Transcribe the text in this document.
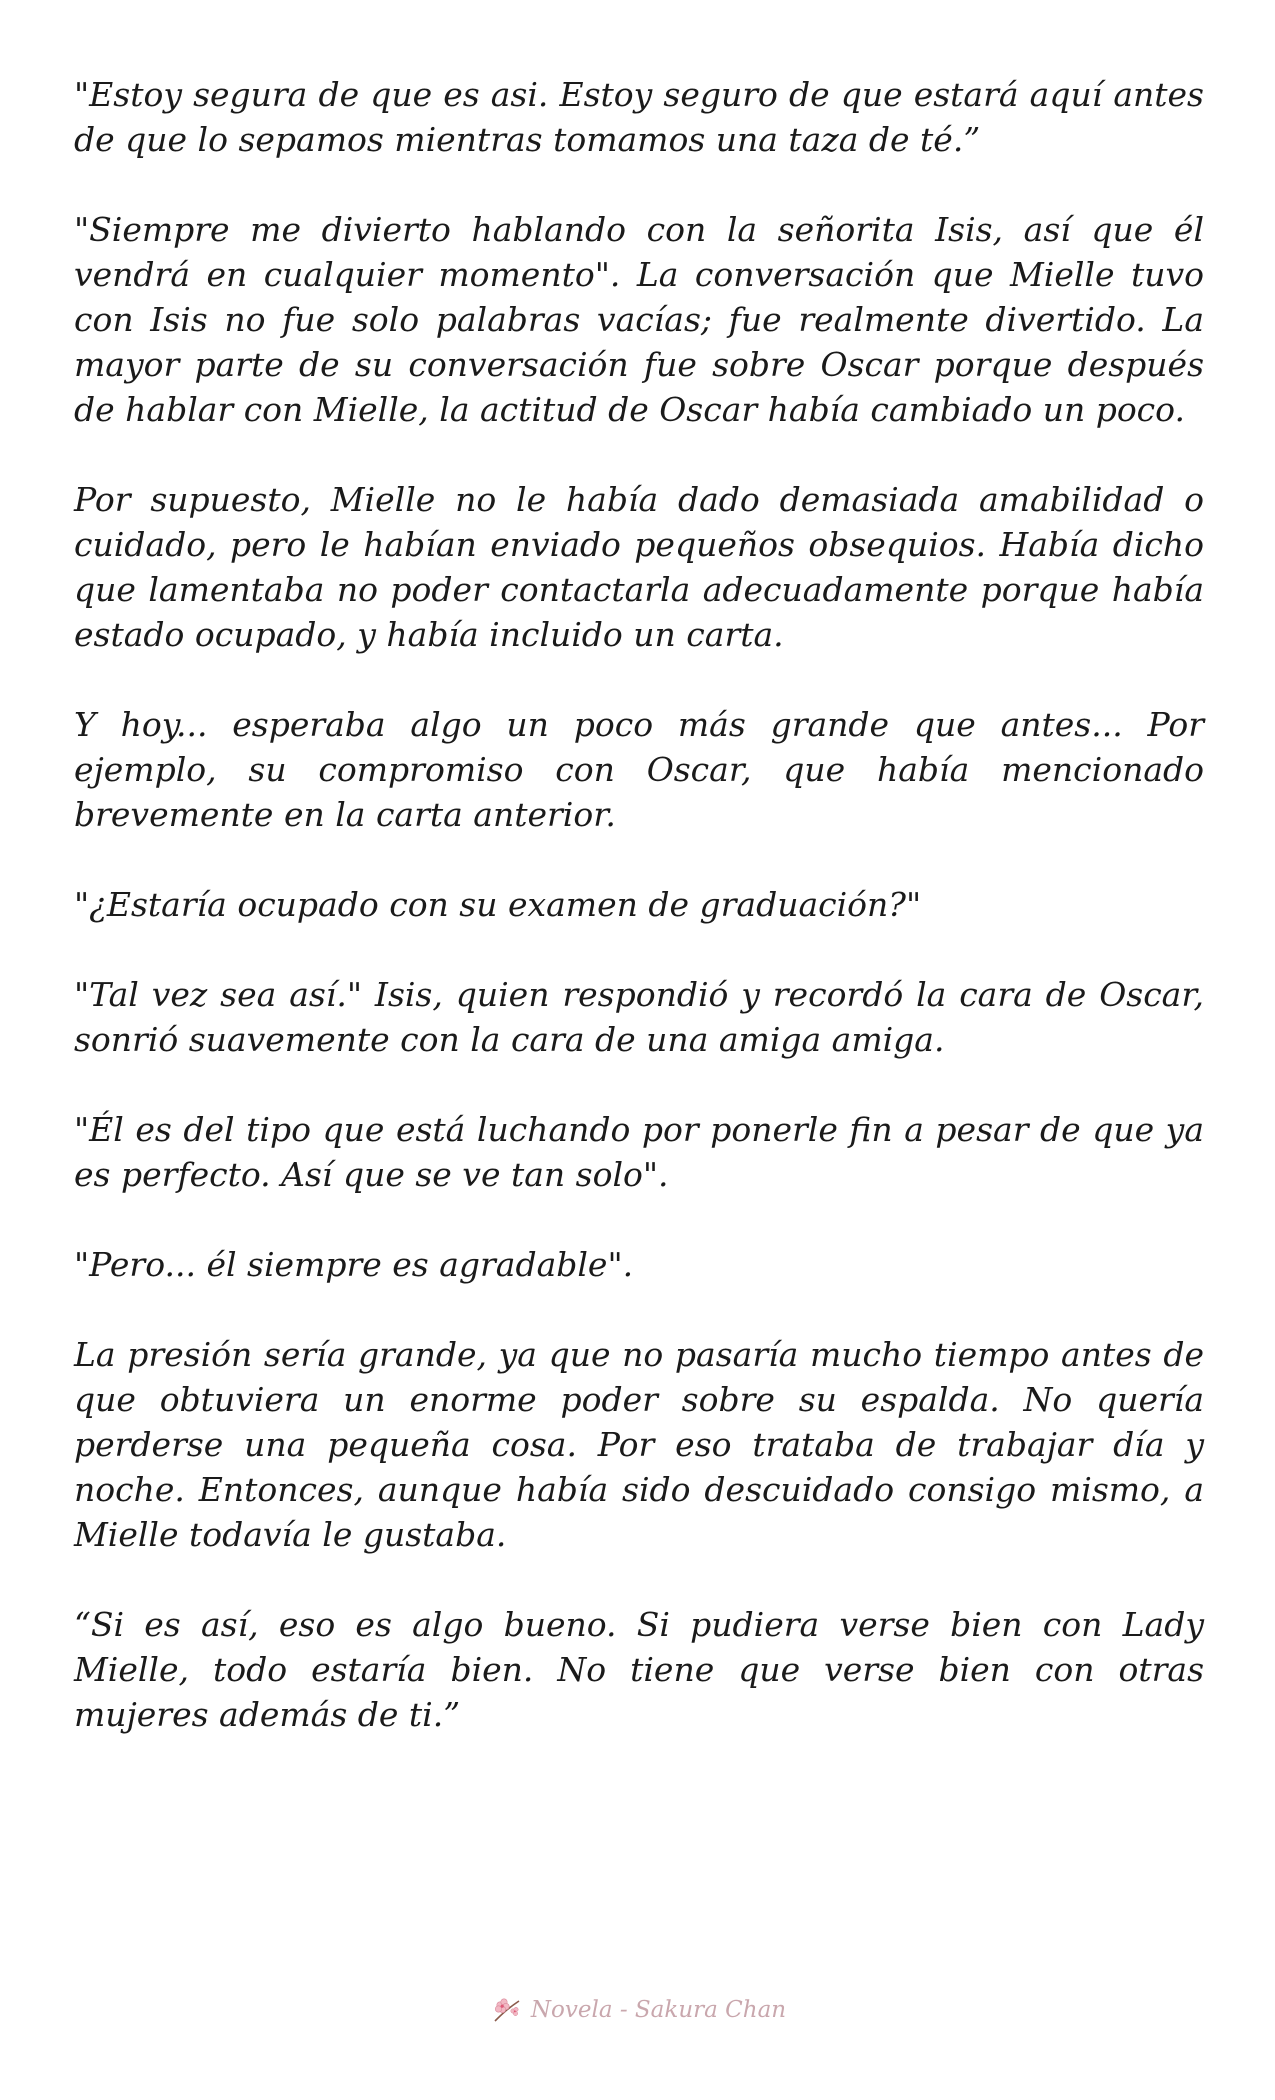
"Estoy segura de que es asi. Estoy seguro de que estará aquí antes de que lo sepamos mientras tomamos una taza de té.”

"Siempre me divierto hablando con la señorita Isis, así que él vendrá en cualquier momento". La conversación que Mielle tuvo con Isis no fue solo palabras vacías; fue realmente divertido. La mayor parte de su conversación fue sobre Oscar porque después de hablar con Mielle, la actitud de Oscar había cambiado un poco.

Por supuesto, Mielle no le había dado demasiada amabilidad o cuidado, pero le habían enviado pequeños obsequios. Había dicho que lamentaba no poder contactarla adecuadamente porque había estado ocupado, y había incluido un carta.

Y hoy... esperaba algo un poco más grande que antes... Por ejemplo, su compromiso con Oscar, que había mencionado brevemente en la carta anterior.

"¿Estaría ocupado con su examen de graduación?"

"Tal vez sea así." Isis, quien respondió y recordó la cara de Oscar, sonrió suavemente con la cara de una amiga amiga.

"Él es del tipo que está luchando por ponerle fin a pesar de que ya es perfecto. Así que se ve tan solo".

"Pero... él siempre es agradable".

La presión sería grande, ya que no pasaría mucho tiempo antes de que obtuviera un enorme poder sobre su espalda. No quería perderse una pequeña cosa. Por eso trataba de trabajar día y noche. Entonces, aunque había sido descuidado consigo mismo, a Mielle todavía le gustaba.

“Si es así, eso es algo bueno. Si pudiera verse bien con Lady Mielle, todo estaría bien. No tiene que verse bien con otras mujeres además de ti.”

Novela - Sakura Chan
